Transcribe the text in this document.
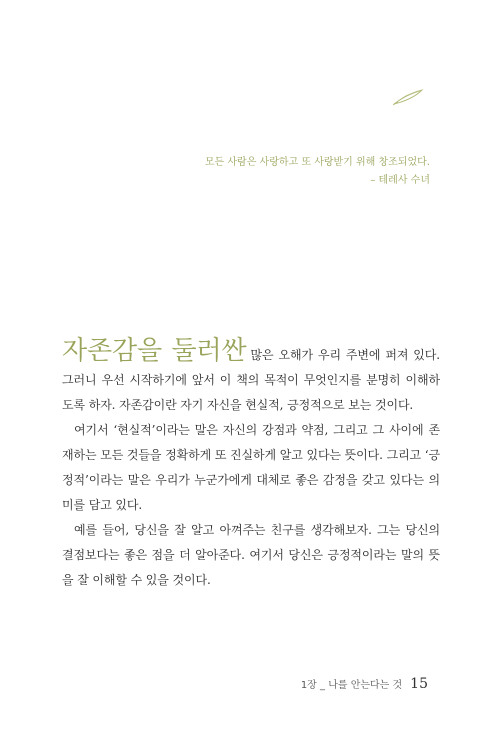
모든 사람은 사랑하고 또 사랑받기 위해 창조되었다.
– 테레사 수녀

자존감을 둘러싼 많은 오해가 우리 주변에 퍼져 있다. 그러니 우선 시작하기에 앞서 이 책의 목적이 무엇인지를 분명히 이해하도록 하자. 자존감이란 자기 자신을 현실적, 긍정적으로 보는 것이다.

여기서 ‘현실적’이라는 말은 자신의 강점과 약점, 그리고 그 사이에 존재하는 모든 것들을 정확하게 또 진실하게 알고 있다는 뜻이다. 그리고 ‘긍정적’이라는 말은 우리가 누군가에게 대체로 좋은 감정을 갖고 있다는 의미를 담고 있다.

예를 들어, 당신을 잘 알고 아껴주는 친구를 생각해보자. 그는 당신의 결점보다는 좋은 점을 더 알아준다. 여기서 당신은 긍정적이라는 말의 뜻을 잘 이해할 수 있을 것이다.

1장 _ 나를 안는다는 것 15
